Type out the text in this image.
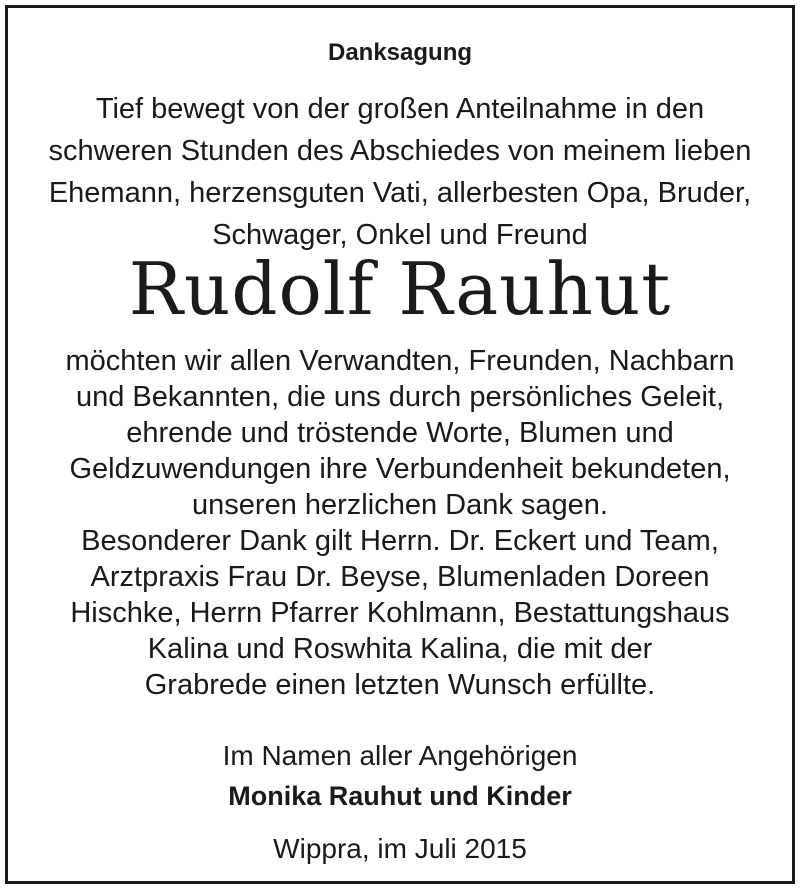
Danksagung

Tief bewegt von der großen Anteilnahme in den
schweren Stunden des Abschiedes von meinem lieben
Ehemann, herzensguten Vati, allerbesten Opa, Bruder,
Schwager, Onkel und Freund

Rudolf Rauhut

möchten wir allen Verwandten, Freunden, Nachbarn
und Bekannten, die uns durch persönliches Geleit,
ehrende und tröstende Worte, Blumen und
Geldzuwendungen ihre Verbundenheit bekundeten,
unseren herzlichen Dank sagen.
Besonderer Dank gilt Herrn. Dr. Eckert und Team,
Arztpraxis Frau Dr. Beyse, Blumenladen Doreen
Hischke, Herrn Pfarrer Kohlmann, Bestattungshaus
Kalina und Roswhita Kalina, die mit der
Grabrede einen letzten Wunsch erfüllte.

Im Namen aller Angehörigen

Monika Rauhut und Kinder

Wippra, im Juli 2015
